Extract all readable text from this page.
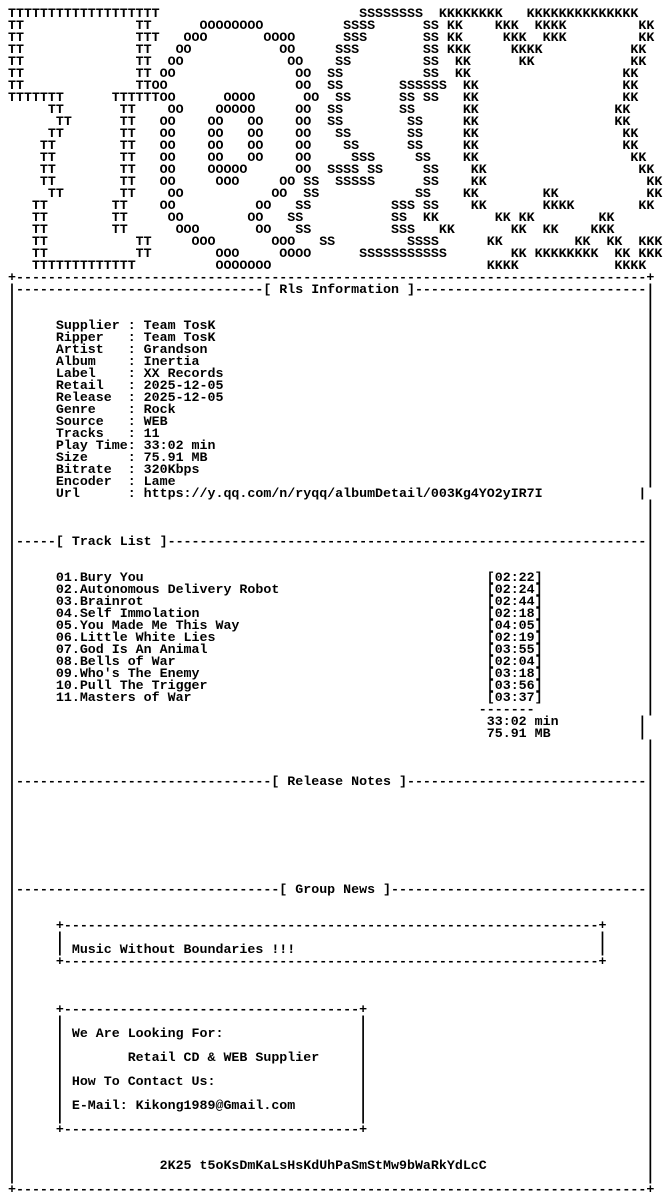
TTTTTTTTTTTTTTTTTTT                         SSSSSSSS  KKKKKKKK   KKKKKKKKKKKKKK
TT              TT      OOOOOOOO          SSSS      SS KK    KKK  KKKK         KK
TT              TTT   OOO       OOOO      SSS       SS KK     KKK  KKK         KK
TT              TT   OO           OO     SSS        SS KKK     KKKK           KK
TT              TT  OO             OO    SS         SS  KK      KK            KK
TT              TT OO               OO  SS          SS  KK                   KK
TT              TTOO                OO  SS       SSSSSS  KK                  KK
TTTTTTT      TTTTTTOO      OOOO      OO  SS      SS SS   KK                  KK
TT       TT    OO    OOOOO     OO  SS       SS      KK                 KK
TT      TT   OO    OO   OO    OO  SS        SS     KK                 KK
TT       TT   OO    OO   OO    OO   SS       SS     KK                  KK
TT        TT   OO    OO   OO    OO    SS      SS     KK                  KK
TT        TT   OO    OO   OO    OO     SSS     SS    KK                   KK
TT        TT   OO    OOOOO      OO  SSSS SS     SS    KK                   KK
TT        TT   OO     OOO     OO SS  SSSSS      SS    KK                    KK
TT       TT    OO           OO  SS            SS    KK        KK           KK
TT        TT    OO          OO   SS          SSS SS    KK       KKKK        KK
TT        TT     OO        OO   SS           SS  KK       KK KK        KK
TT        TT      OOO       OO   SS          SSS   KK       KK  KK    KKK
TT           TT     OOO       OOO   SS         SSSS      KK         KK  KK  KKK
TT           TT        OOO     OOOO      SSSSSSSSSSS        KK KKKKKKKK  KK KKK
TTTTTTTTTTTTT          OOOOOOO                           KKKK            KKKK
+-------------------------------------------------------------------------------+
|-------------------------------[ Rls Information ]-----------------------------|
|                                                                               |
|                                                                               |
|     Supplier : Team TosK                                                      |
|     Ripper   : Team TosK                                                      |
|     Artist   : Grandson                                                       |
|     Album    : Inertia                                                        |
|     Label    : XX Records                                                     |
|     Retail   : 2025-12-05                                                     |
|     Release  : 2025-12-05                                                     |
|     Genre    : Rock                                                           |
|     Source   : WEB                                                            |
|     Tracks   : 11                                                             |
|     Play Time: 33:02 min                                                      |
|     Size     : 75.91 MB                                                       |
|     Bitrate  : 320Kbps                                                        |
|     Encoder  : Lame                                                           |
|     Url      : https://y.qq.com/n/ryqq/albumDetail/003Kg4YO2yIR7I            |
|                                                                               |
|                                                                               |
|                                                                               |
|-----[ Track List ]------------------------------------------------------------|
|                                                                               |
|                                                                               |
|     01.Bury You                                           [02:22]             |
|     02.Autonomous Delivery Robot                          [02:24]             |
|     03.Brainrot                                           [02:44]             |
|     04.Self Immolation                                    [02:18]             |
|     05.You Made Me This Way                               [04:05]             |
|     06.Little White Lies                                  [02:19]             |
|     07.God Is An Animal                                   [03:55]             |
|     08.Bells of War                                       [02:04]             |
|     09.Who's The Enemy                                    [03:18]             |
|     10.Pull The Trigger                                   [03:56]             |
|     11.Masters of War                                     [03:37]             |
|                                                          -------              |
|                                                           33:02 min          |
|                                                           75.91 MB           |
|                                                                               |
|                                                                               |
|                                                                               |
|--------------------------------[ Release Notes ]------------------------------|
|                                                                               |
|                                                                               |
|                                                                               |
|                                                                               |
|                                                                               |
|                                                                               |
|                                                                               |
|                                                                               |
|---------------------------------[ Group News ]--------------------------------|
|                                                                               |
|                                                                               |
|     +-------------------------------------------------------------------+     |
|     |                                                                   |     |
|     | Music Without Boundaries !!!                                      |     |
|     +-------------------------------------------------------------------+     |
|                                                                               |
|                                                                               |
|                                                                               |
|     +-------------------------------------+                                   |
|     |                                     |                                   |
|     | We Are Looking For:                 |                                   |
|     |                                     |                                   |
|     |        Retail CD & WEB Supplier     |                                   |
|     |                                     |                                   |
|     | How To Contact Us:                  |                                   |
|     |                                     |                                   |
|     | E-Mail: Kikong1989@Gmail.com        |                                   |
|     |                                     |                                   |
|     +-------------------------------------+                                   |
|                                                                               |
|                                                                               |
|                  2K25 t5oKsDmKaLsHsKdUhPaSmStMw9bWaRkYdLcC                    |
|                                                                               |
+-------------------------------------------------------------------------------+
